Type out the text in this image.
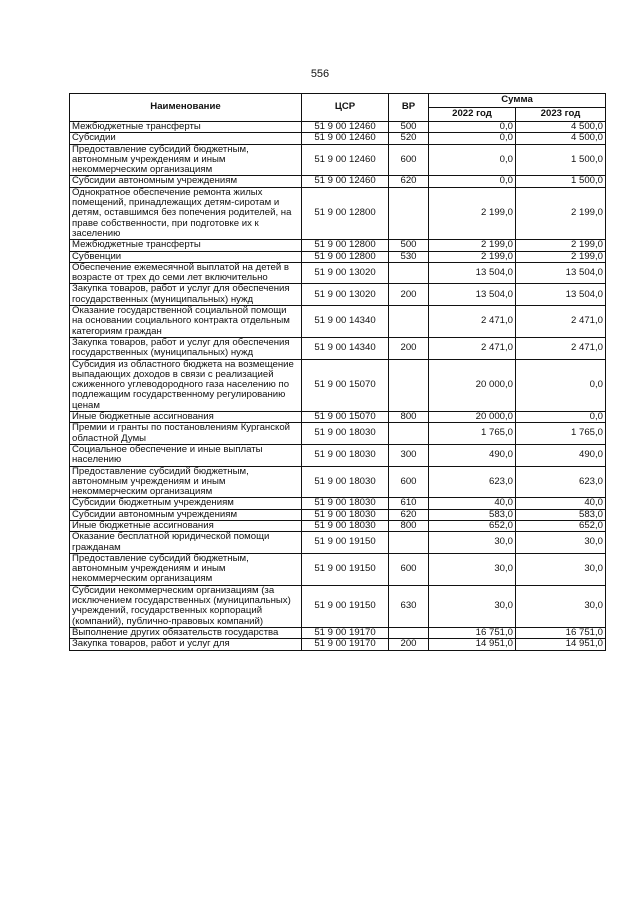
556
Наименование	ЦСР	ВР	Сумма	
			2022 год	2023 год
Межбюджетные трансферты	51 9 00 12460	500	0,0	4 500,0
Субсидии	51 9 00 12460	520	0,0	4 500,0
Предоставление субсидий бюджетным, автономным учреждениям и иным некоммерческим организациям	51 9 00 12460	600	0,0	1 500,0
Субсидии автономным учреждениям	51 9 00 12460	620	0,0	1 500,0
Однократное обеспечение ремонта жилых помещений, принадлежащих детям-сиротам и детям, оставшимся без попечения родителей, на праве собственности, при подготовке их к заселению	51 9 00 12800		2 199,0	2 199,0
Межбюджетные трансферты	51 9 00 12800	500	2 199,0	2 199,0
Субвенции	51 9 00 12800	530	2 199,0	2 199,0
Обеспечение ежемесячной выплатой на детей в возрасте от трех до семи лет включительно	51 9 00 13020		13 504,0	13 504,0
Закупка товаров, работ и услуг для обеспечения государственных (муниципальных) нужд	51 9 00 13020	200	13 504,0	13 504,0
Оказание государственной социальной помощи на основании социального контракта отдельным категориям граждан	51 9 00 14340		2 471,0	2 471,0
Закупка товаров, работ и услуг для обеспечения государственных (муниципальных) нужд	51 9 00 14340	200	2 471,0	2 471,0
Субсидия из областного бюджета на возмещение выпадающих доходов в связи с реализацией сжиженного углеводородного газа населению по подлежащим государственному регулированию ценам	51 9 00 15070		20 000,0	0,0
Иные бюджетные ассигнования	51 9 00 15070	800	20 000,0	0,0
Премии и гранты по постановлениям Курганской областной Думы	51 9 00 18030		1 765,0	1 765,0
Социальное обеспечение и иные выплаты населению	51 9 00 18030	300	490,0	490,0
Предоставление субсидий бюджетным, автономным учреждениям и иным некоммерческим организациям	51 9 00 18030	600	623,0	623,0
Субсидии бюджетным учреждениям	51 9 00 18030	610	40,0	40,0
Субсидии автономным учреждениям	51 9 00 18030	620	583,0	583,0
Иные бюджетные ассигнования	51 9 00 18030	800	652,0	652,0
Оказание бесплатной юридической помощи гражданам	51 9 00 19150		30,0	30,0
Предоставление субсидий бюджетным, автономным учреждениям и иным некоммерческим организациям	51 9 00 19150	600	30,0	30,0
Субсидии некоммерческим организациям (за исключением государственных (муниципальных) учреждений, государственных корпораций (компаний), публично-правовых компаний)	51 9 00 19150	630	30,0	30,0
Выполнение других обязательств государства	51 9 00 19170		16 751,0	16 751,0
Закупка товаров, работ и услуг для	51 9 00 19170	200	14 951,0	14 951,0
